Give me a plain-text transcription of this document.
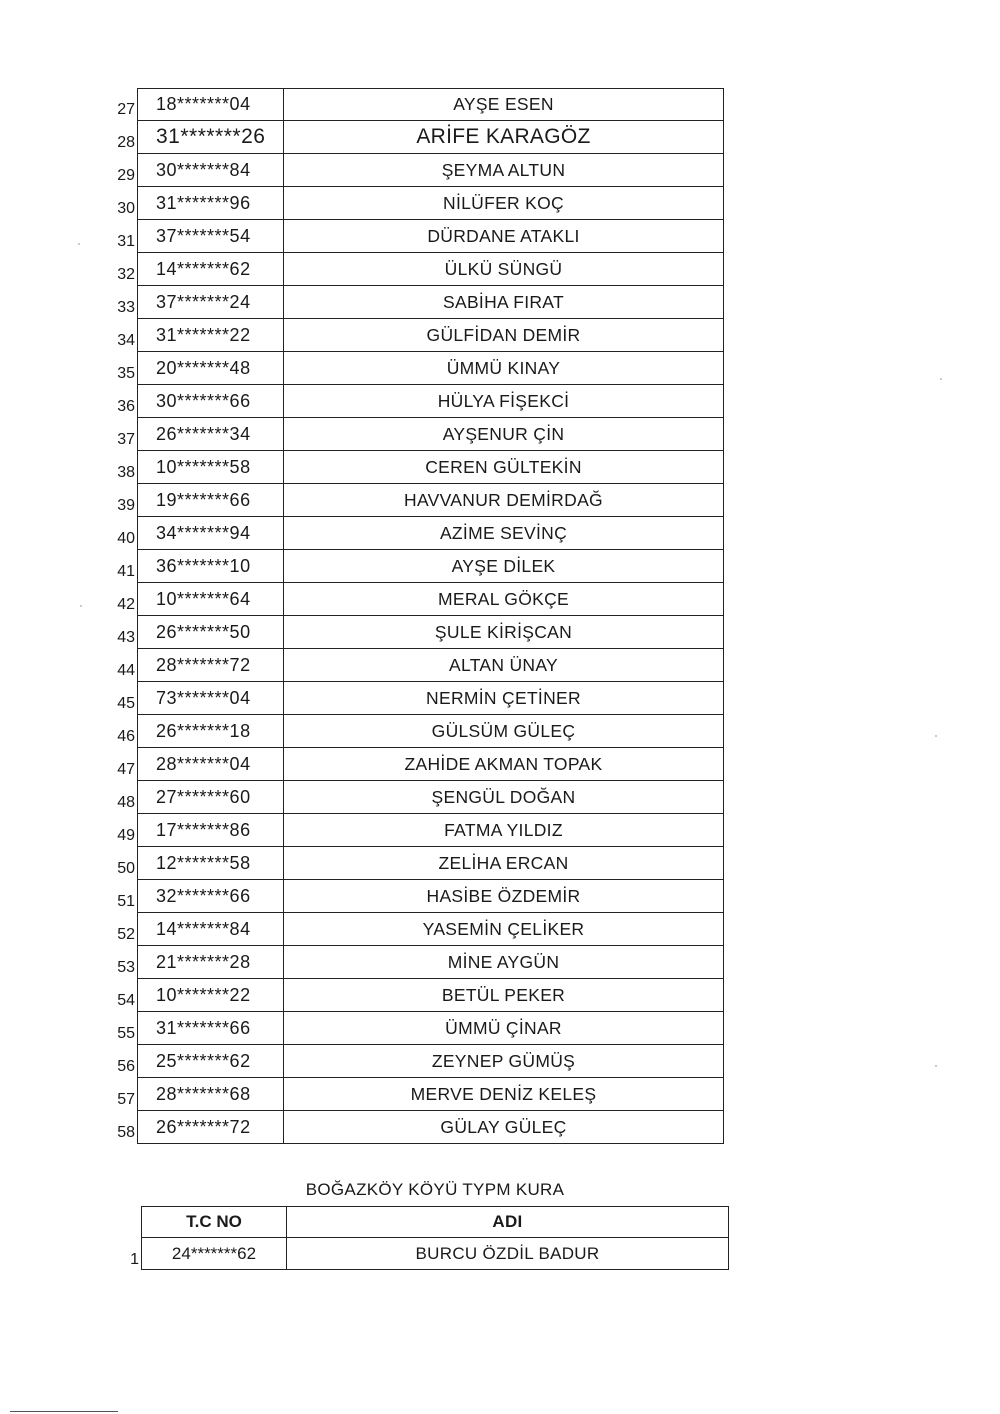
27	18*******04	AYŞE ESEN
28	31*******26	ARİFE KARAGÖZ
29	30*******84	ŞEYMA ALTUN
30	31*******96	NİLÜFER KOÇ
31	37*******54	DÜRDANE ATAKLI
32	14*******62	ÜLKÜ SÜNGÜ
33	37*******24	SABİHA FIRAT
34	31*******22	GÜLFİDAN DEMİR
35	20*******48	ÜMMÜ KINAY
36	30*******66	HÜLYA FİŞEKCİ
37	26*******34	AYŞENUR ÇİN
38	10*******58	CEREN GÜLTEKİN
39	19*******66	HAVVANUR DEMİRDAĞ
40	34*******94	AZİME SEVİNÇ
41	36*******10	AYŞE DİLEK
42	10*******64	MERAL GÖKÇE
43	26*******50	ŞULE KİRİŞCAN
44	28*******72	ALTAN ÜNAY
45	73*******04	NERMİN ÇETİNER
46	26*******18	GÜLSÜM GÜLEÇ
47	28*******04	ZAHİDE AKMAN TOPAK
48	27*******60	ŞENGÜL DOĞAN
49	17*******86	FATMA YILDIZ
50	12*******58	ZELİHA ERCAN
51	32*******66	HASİBE ÖZDEMİR
52	14*******84	YASEMİN ÇELİKER
53	21*******28	MİNE AYGÜN
54	10*******22	BETÜL PEKER
55	31*******66	ÜMMÜ ÇİNAR
56	25*******62	ZEYNEP GÜMÜŞ
57	28*******68	MERVE DENİZ KELEŞ
58	26*******72	GÜLAY GÜLEÇ
BOĞAZKÖY KÖYÜ TYPM KURA
T.C NO	ADI
1	24*******62	BURCU ÖZDİL BADUR
